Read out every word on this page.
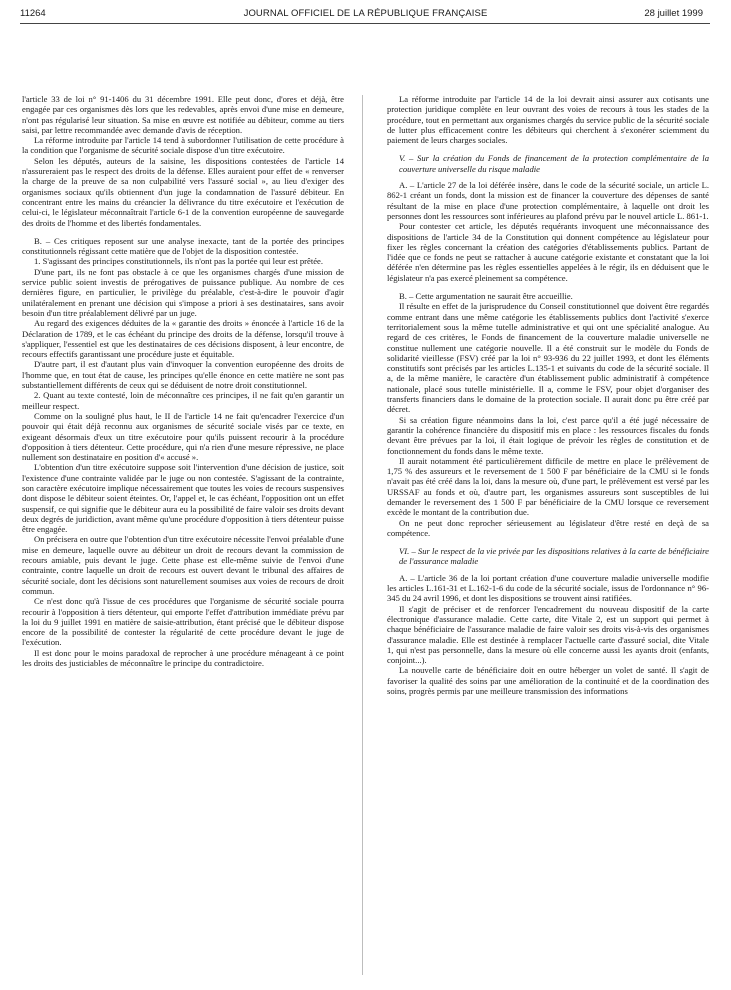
11264	JOURNAL OFFICIEL DE LA RÉPUBLIQUE FRANÇAISE	28 juillet 1999

l'article 33 de loi n° 91-1406 du 31 décembre 1991. Elle peut donc, d'ores et déjà, être engagée par ces organismes dès lors que les redevables, après envoi d'une mise en demeure, n'ont pas régularisé leur situation. Sa mise en œuvre est notifiée au débiteur, comme au tiers saisi, par lettre recommandée avec demande d'avis de réception.

La réforme introduite par l'article 14 tend à subordonner l'utilisation de cette procédure à la condition que l'organisme de sécurité sociale dispose d'un titre exécutoire.

Selon les députés, auteurs de la saisine, les dispositions contestées de l'article 14 n'assureraient pas le respect des droits de la défense. Elles auraient pour effet de « renverser la charge de la preuve de sa non culpabilité vers l'assuré social », au lieu d'exiger des organismes sociaux qu'ils obtiennent d'un juge la condamnation de l'assuré débiteur. En concentrant entre les mains du créancier la délivrance du titre exécutoire et l'exécution de celui-ci, le législateur méconnaîtrait l'article 6-1 de la convention européenne de sauvegarde des droits de l'homme et des libertés fondamentales.

B. – Ces critiques reposent sur une analyse inexacte, tant de la portée des principes constitutionnels régissant cette matière que de l'objet de la disposition contestée.

1. S'agissant des principes constitutionnels, ils n'ont pas la portée qui leur est prêtée.

D'une part, ils ne font pas obstacle à ce que les organismes chargés d'une mission de service public soient investis de prérogatives de puissance publique. Au nombre de ces dernières figure, en particulier, le privilège du préalable, c'est-à-dire le pouvoir d'agir unilatéralement en prenant une décision qui s'impose a priori à ses destinataires, sans avoir besoin d'un titre préalablement délivré par un juge.

Au regard des exigences déduites de la « garantie des droits » énoncée à l'article 16 de la Déclaration de 1789, et le cas échéant du principe des droits de la défense, lorsqu'il trouve à s'appliquer, l'essentiel est que les destinataires de ces décisions disposent, à leur encontre, de recours effectifs garantissant une procédure juste et équitable.

D'autre part, il est d'autant plus vain d'invoquer la convention européenne des droits de l'homme que, en tout état de cause, les principes qu'elle énonce en cette matière ne sont pas substantiellement différents de ceux qui se déduisent de notre droit constitutionnel.

2. Quant au texte contesté, loin de méconnaître ces principes, il ne fait qu'en garantir un meilleur respect.

Comme on la souligné plus haut, le II de l'article 14 ne fait qu'encadrer l'exercice d'un pouvoir qui était déjà reconnu aux organismes de sécurité sociale visés par ce texte, en exigeant désormais d'eux un titre exécutoire pour qu'ils puissent recourir à la procédure d'opposition à tiers détenteur. Cette procédure, qui n'a rien d'une mesure répressive, ne place nullement son destinataire en position d'« accusé ».

L'obtention d'un titre exécutoire suppose soit l'intervention d'une décision de justice, soit l'existence d'une contrainte validée par le juge ou non contestée. S'agissant de la contrainte, son caractère exécutoire implique nécessairement que toutes les voies de recours suspensives dont dispose le débiteur soient éteintes. Or, l'appel et, le cas échéant, l'opposition ont un effet suspensif, ce qui signifie que le débiteur aura eu la possibilité de faire valoir ses droits devant deux degrés de juridiction, avant même qu'une procédure d'opposition à tiers détenteur puisse être engagée.

On précisera en outre que l'obtention d'un titre exécutoire nécessite l'envoi préalable d'une mise en demeure, laquelle ouvre au débiteur un droit de recours devant la commission de recours amiable, puis devant le juge. Cette phase est elle-même suivie de l'envoi d'une contrainte, contre laquelle un droit de recours est ouvert devant le tribunal des affaires de sécurité sociale, dont les décisions sont naturellement soumises aux voies de recours de droit commun.

Ce n'est donc qu'à l'issue de ces procédures que l'organisme de sécurité sociale pourra recourir à l'opposition à tiers détenteur, qui emporte l'effet d'attribution immédiate prévu par la loi du 9 juillet 1991 en matière de saisie-attribution, étant précisé que le débiteur dispose encore de la possibilité de contester la régularité de cette procédure devant le juge de l'exécution.

Il est donc pour le moins paradoxal de reprocher à une procédure ménageant à ce point les droits des justiciables de méconnaître le principe du contradictoire.

La réforme introduite par l'article 14 de la loi devrait ainsi assurer aux cotisants une protection juridique complète en leur ouvrant des voies de recours à tous les stades de la procédure, tout en permettant aux organismes chargés du service public de la sécurité sociale de lutter plus efficacement contre les débiteurs qui cherchent à s'exonérer sciemment du paiement de leurs charges sociales.

V. – Sur la création du Fonds de financement de la protection complémentaire de la couverture universelle du risque maladie

A. – L'article 27 de la loi déférée insère, dans le code de la sécurité sociale, un article L. 862-1 créant un fonds, dont la mission est de financer la couverture des dépenses de santé résultant de la mise en place d'une protection complémentaire, à laquelle ont droit les personnes dont les ressources sont inférieures au plafond prévu par le nouvel article L. 861-1.

Pour contester cet article, les députés requérants invoquent une méconnaissance des dispositions de l'article 34 de la Constitution qui donnent compétence au législateur pour fixer les règles concernant la création des catégories d'établissements publics. Partant de l'idée que ce fonds ne peut se rattacher à aucune catégorie existante et constatant que la loi déférée n'en détermine pas les règles essentielles appelées à le régir, ils en déduisent que le législateur n'a pas exercé pleinement sa compétence.

B. – Cette argumentation ne saurait être accueillie.

Il résulte en effet de la jurisprudence du Conseil constitutionnel que doivent être regardés comme entrant dans une même catégorie les établissements publics dont l'activité s'exerce territorialement sous la même tutelle administrative et qui ont une spécialité analogue. Au regard de ces critères, le Fonds de financement de la couverture maladie universelle ne constitue nullement une catégorie nouvelle. Il a été construit sur le modèle du Fonds de solidarité vieillesse (FSV) créé par la loi n° 93-936 du 22 juillet 1993, et dont les éléments constitutifs sont précisés par les articles L.135-1 et suivants du code de la sécurité sociale. Il a, de la même manière, le caractère d'un établissement public administratif à compétence nationale, placé sous tutelle ministérielle. Il a, comme le FSV, pour objet d'organiser des transferts financiers dans le domaine de la protection sociale. Il aurait donc pu être créé par décret.

Si sa création figure néanmoins dans la loi, c'est parce qu'il a été jugé nécessaire de garantir la cohérence financière du dispositif mis en place : les ressources fiscales du fonds devant être prévues par la loi, il était logique de prévoir les règles de constitution et de fonctionnement du fonds dans le même texte.

Il aurait notamment été particulièrement difficile de mettre en place le prélèvement de 1,75 % des assureurs et le reversement de 1 500 F par bénéficiaire de la CMU si le fonds n'avait pas été créé dans la loi, dans la mesure où, d'une part, le prélèvement est versé par les URSSAF au fonds et où, d'autre part, les organismes assureurs sont susceptibles de lui demander le reversement des 1 500 F par bénéficiaire de la CMU lorsque ce reversement excède le montant de la contribution due.

On ne peut donc reprocher sérieusement au législateur d'être resté en deçà de sa compétence.

VI. – Sur le respect de la vie privée par les dispositions relatives à la carte de bénéficiaire de l'assurance maladie

A. – L'article 36 de la loi portant création d'une couverture maladie universelle modifie les articles L.161-31 et L.162-1-6 du code de la sécurité sociale, issus de l'ordonnance n° 96-345 du 24 avril 1996, et dont les dispositions se trouvent ainsi ratifiées.

Il s'agit de préciser et de renforcer l'encadrement du nouveau dispositif de la carte électronique d'assurance maladie. Cette carte, dite Vitale 2, est un support qui permet à chaque bénéficiaire de l'assurance maladie de faire valoir ses droits vis-à-vis des organismes d'assurance maladie. Elle est destinée à remplacer l'actuelle carte d'assuré social, dite Vitale 1, qui n'est pas personnelle, dans la mesure où elle concerne aussi les ayants droit (enfants, conjoint...).

La nouvelle carte de bénéficiaire doit en outre héberger un volet de santé. Il s'agit de favoriser la qualité des soins par une amélioration de la continuité et de la coordination des soins, progrès permis par une meilleure transmission des informations
